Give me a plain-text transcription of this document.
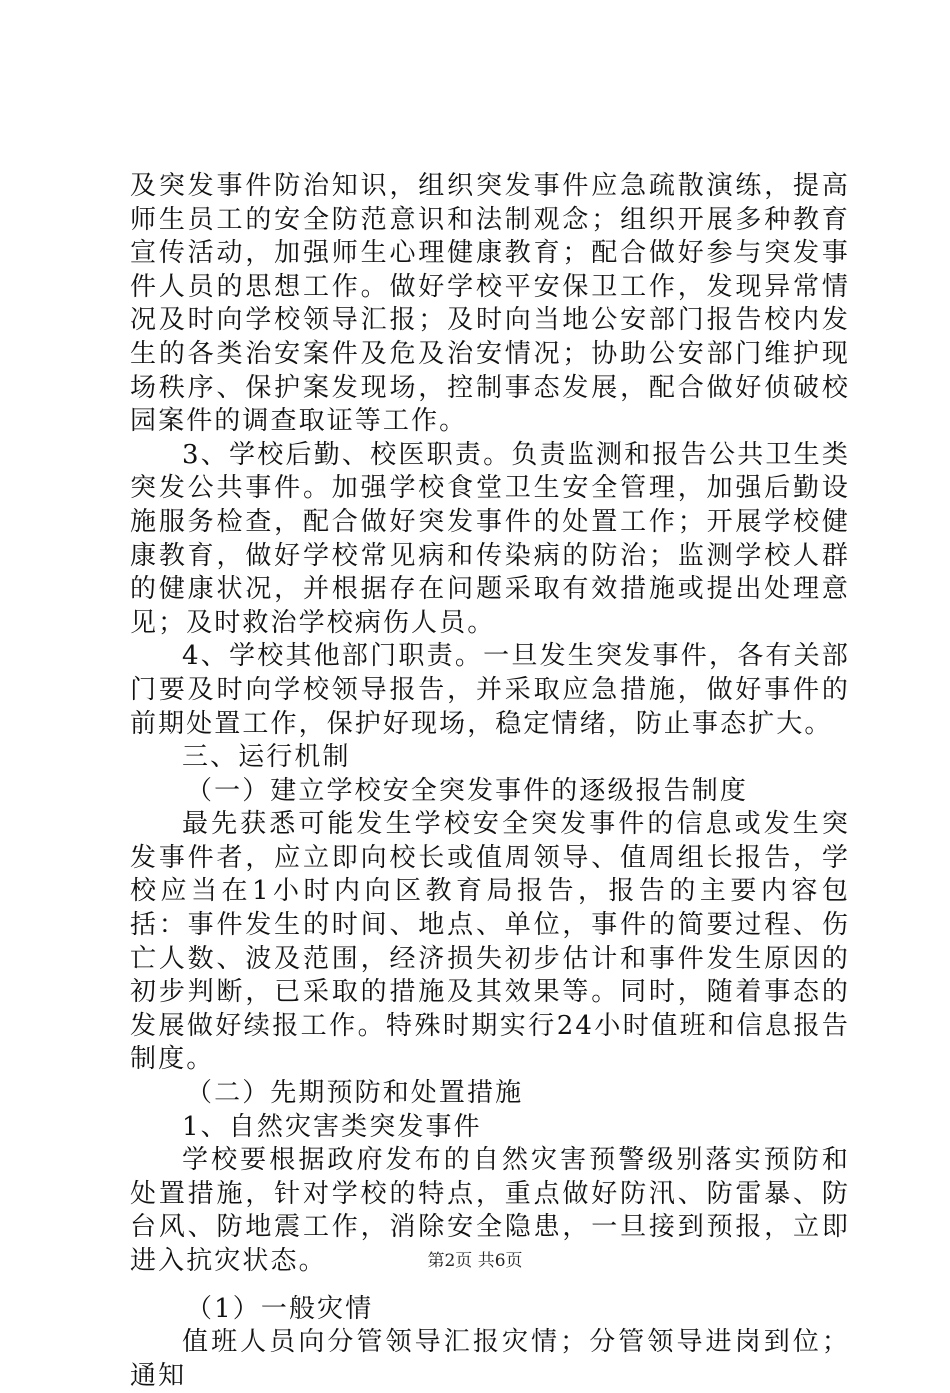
及突发事件防治知识，组织突发事件应急疏散演练，提高师生员工的安全防范意识和法制观念；组织开展多种教育宣传活动，加强师生心理健康教育；配合做好参与突发事件人员的思想工作。做好学校平安保卫工作，发现异常情况及时向学校领导汇报；及时向当地公安部门报告校内发生的各类治安案件及危及治安情况；协助公安部门维护现场秩序、保护案发现场，控制事态发展，配合做好侦破校园案件的调查取证等工作。

3、学校后勤、校医职责。负责监测和报告公共卫生类突发公共事件。加强学校食堂卫生安全管理，加强后勤设施服务检查，配合做好突发事件的处置工作；开展学校健康教育，做好学校常见病和传染病的防治；监测学校人群的健康状况，并根据存在问题采取有效措施或提出处理意见；及时救治学校病伤人员。

4、学校其他部门职责。一旦发生突发事件，各有关部门要及时向学校领导报告，并采取应急措施，做好事件的前期处置工作，保护好现场，稳定情绪，防止事态扩大。

三、运行机制

（一）建立学校安全突发事件的逐级报告制度

最先获悉可能发生学校安全突发事件的信息或发生突发事件者，应立即向校长或值周领导、值周组长报告，学校应当在1小时内向区教育局报告，报告的主要内容包括：事件发生的时间、地点、单位，事件的简要过程、伤亡人数、波及范围，经济损失初步估计和事件发生原因的初步判断，已采取的措施及其效果等。同时，随着事态的发展做好续报工作。特殊时期实行24小时值班和信息报告制度。

（二）先期预防和处置措施

1、自然灾害类突发事件

学校要根据政府发布的自然灾害预警级别落实预防和处置措施，针对学校的特点，重点做好防汛、防雷暴、防台风、防地震工作，消除安全隐患，一旦接到预报，立即进入抗灾状态。

（1）一般灾情

值班人员向分管领导汇报灾情；分管领导进岗到位；通知

第2页 共6页
